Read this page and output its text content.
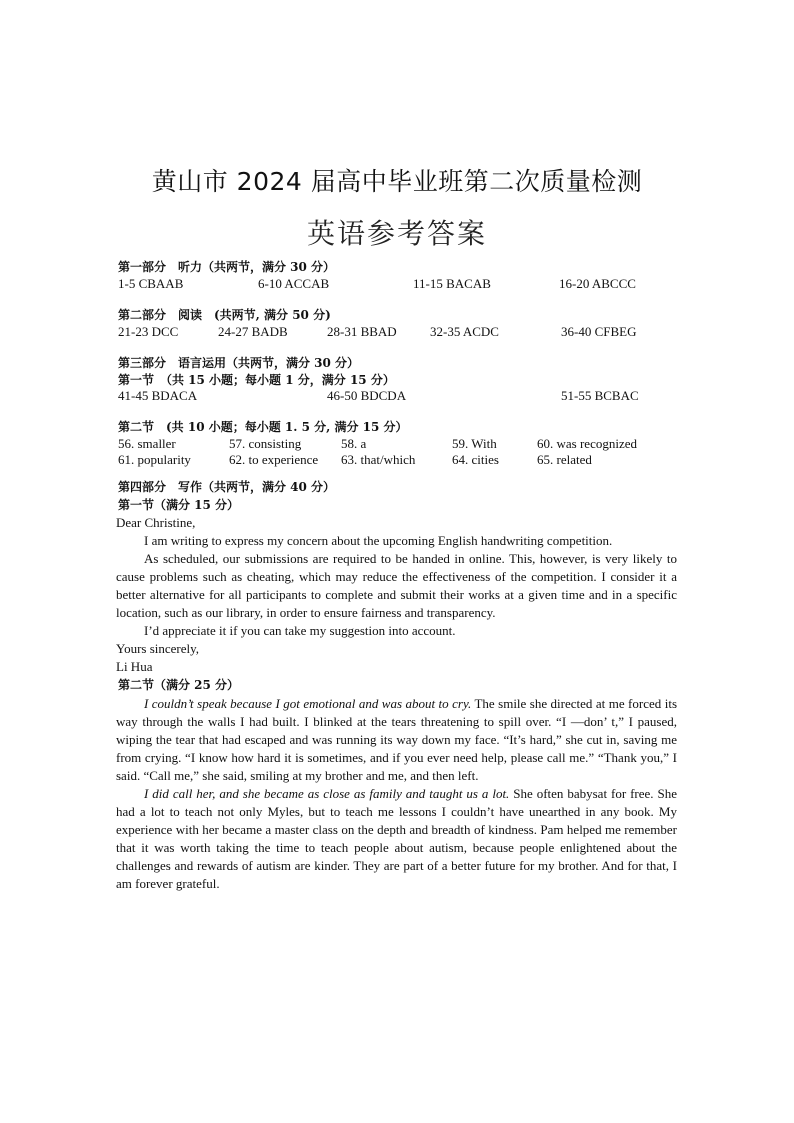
黄山市 2024 届高中毕业班第二次质量检测
英语参考答案
第一部分　听力（共两节，满分 30 分）
1-5 CBAAB	6-10 ACCAB	11-15 BACAB	16-20 ABCCC
第二部分　阅读　(共两节, 满分 50 分)
21-23 DCC	24-27 BADB	28-31 BBAD	32-35 ACDC	36-40 CFBEG
第三部分　语言运用（共两节，满分 30 分）
第一节　（共 15 小题；每小题 1 分，满分 15 分）
41-45 BDACA	46-50 BDCDA	51-55 BCBAC
第二节　(共 10 小题；每小题 1. 5 分, 满分 15 分）
56. smaller	57. consisting	58. a	59. With	60. was recognized
61. popularity	62. to experience 63. that/which	64. cities	65. related
第四部分　写作（共两节，满分 40 分）
第一节（满分 15 分）
Dear Christine,
I am writing to express my concern about the upcoming English handwriting competition.
As scheduled, our submissions are required to be handed in online. This, however, is very likely to cause problems such as cheating, which may reduce the effectiveness of the competition. I consider it a better alternative for all participants to complete and submit their works at a given time and in a specific location, such as our library, in order to ensure fairness and transparency.
I’d appreciate it if you can take my suggestion into account.
Yours sincerely,
Li Hua
第二节（满分 25 分）
I couldn’t speak because I got emotional and was about to cry. The smile she directed at me forced its way through the walls I had built. I blinked at the tears threatening to spill over. “I —don’ t,” I paused, wiping the tear that had escaped and was running its way down my face. “It’s hard,” she cut in, saving me from crying. “I know how hard it is sometimes, and if you ever need help, please call me.” “Thank you,” I said. “Call me,” she said, smiling at my brother and me, and then left.
I did call her, and she became as close as family and taught us a lot. She often babysat for free. She had a lot to teach not only Myles, but to teach me lessons I couldn’t have unearthed in any book. My experience with her became a master class on the depth and breadth of kindness. Pam helped me remember that it was worth taking the time to teach people about autism, because people enlightened about the challenges and rewards of autism are kinder. They are part of a better future for my brother. And for that, I am forever grateful.
